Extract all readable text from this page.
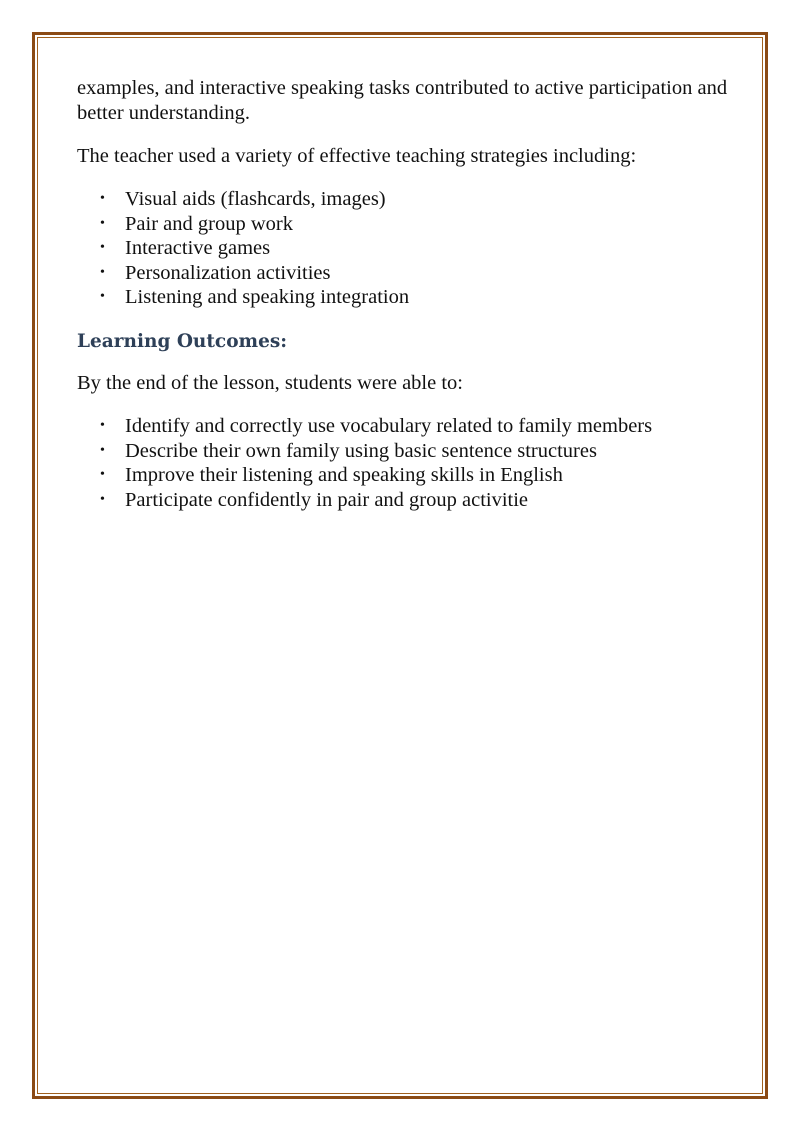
examples, and interactive speaking tasks contributed to active participation and better understanding.

The teacher used a variety of effective teaching strategies including:

• Visual aids (flashcards, images)
• Pair and group work
• Interactive games
• Personalization activities
• Listening and speaking integration
Learning Outcomes:

By the end of the lesson, students were able to:

• Identify and correctly use vocabulary related to family members
• Describe their own family using basic sentence structures
• Improve their listening and speaking skills in English
• Participate confidently in pair and group activitie
